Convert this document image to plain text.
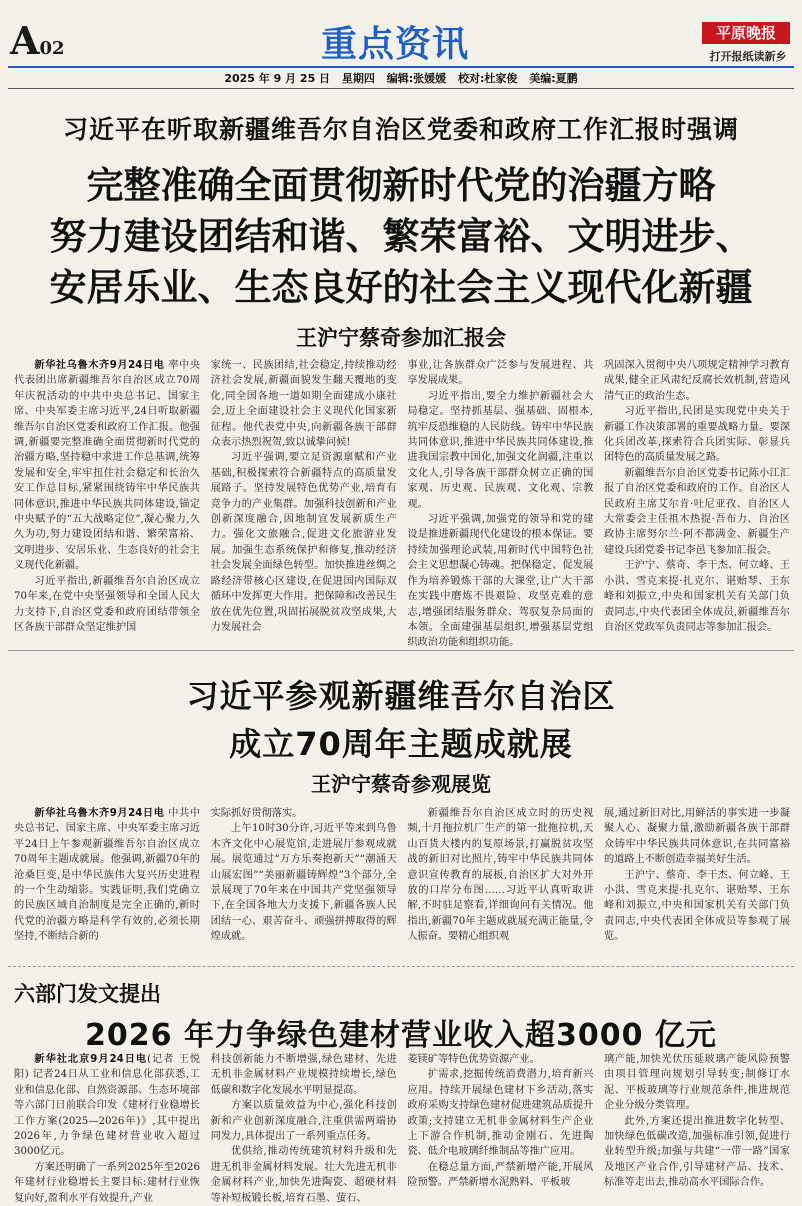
A02	重点资讯	平原晚报
打开报纸读新乡
2025 年 9 月 25 日 星期四 编辑:张媛媛 校对:杜家俊 美编:夏鹏
习近平在听取新疆维吾尔自治区党委和政府工作汇报时强调
完整准确全面贯彻新时代党的治疆方略
努力建设团结和谐、繁荣富裕、文明进步、
安居乐业、生态良好的社会主义现代化新疆
王沪宁蔡奇参加汇报会

新华社乌鲁木齐9月24日电 率中央代表团出席新疆维吾尔自治区成立70周年庆祝活动的中共中央总书记、国家主席、中央军委主席习近平,24日听取新疆维吾尔自治区党委和政府工作汇报。他强调,新疆要完整准确全面贯彻新时代党的治疆方略,坚持稳中求进工作总基调,统筹发展和安全,牢牢扭住社会稳定和长治久安工作总目标,紧紧围绕铸牢中华民族共同体意识,推进中华民族共同体建设,锚定中央赋予的“五大战略定位”,凝心聚力,久久为功,努力建设团结和谐、繁荣富裕、文明进步、安居乐业、生态良好的社会主义现代化新疆。

习近平指出,新疆维吾尔自治区成立70年来,在党中央坚强领导和全国人民大力支持下,自治区党委和政府团结带领全区各族干部群众坚定维护国

家统一、民族团结,社会稳定,持续推动经济社会发展,新疆面貌发生翻天覆地的变化,同全国各地一道如期全面建成小康社会,迈上全面建设社会主义现代化国家新征程。他代表党中央,向新疆各族干部群众表示热烈祝贺,致以诚挚问候!

习近平强调,要立足资源禀赋和产业基础,积极探索符合新疆特点的高质量发展路子。坚持发展特色优势产业,培育有竞争力的产业集群。加强科技创新和产业创新深度融合,因地制宜发展新质生产力。强化文旅融合,促进文化旅游业发展。加强生态系统保护和修复,推动经济社会发展全面绿色转型。加快推进丝绸之路经济带核心区建设,在促进国内国际双循环中发挥更大作用。把保障和改善民生放在优先位置,巩固拓展脱贫攻坚成果,大力发展社会

事业,让各族群众广泛参与发展进程、共享发展成果。

习近平指出,要全力维护新疆社会大局稳定。坚持抓基层、强基础、固根本,筑牢反恐维稳的人民防线。铸牢中华民族共同体意识,推进中华民族共同体建设,推进我国宗教中国化,加强文化润疆,注重以文化人,引导各族干部群众树立正确的国家观、历史观、民族观、文化观、宗教观。

习近平强调,加强党的领导和党的建设是推进新疆现代化建设的根本保证。要持续加强理论武装,用新时代中国特色社会主义思想凝心铸魂。把保稳定、促发展作为培养锻炼干部的大课堂,让广大干部在实践中磨炼不畏艰险、攻坚克难的意志,增强团结服务群众、驾驭复杂局面的本领。全面建强基层组织,增强基层党组织政治功能和组织功能。

巩固深入贯彻中央八项规定精神学习教育成果,健全正风肃纪反腐长效机制,营造风清气正的政治生态。

习近平指出,民团是实现党中央关于新疆工作决策部署的重要战略力量。要深化兵团改革,探索符合兵团实际、彰显兵团特色的高质量发展之路。

新疆维吾尔自治区党委书记陈小江汇报了自治区党委和政府的工作。自治区人民政府主席艾尔肯·吐尼亚孜、自治区人大常委会主任祖木热提·吾布力、自治区政协主席努尔兰·阿不都满金、新疆生产建设兵团党委书记李邑飞参加汇报会。

王沪宁、蔡奇、李干杰、何立峰、王小洪、雪克来提·扎克尔、谌贻琴、王东峰和刘振立,中央和国家机关有关部门负责同志,中央代表团全体成员,新疆维吾尔自治区党政军负责同志等参加汇报会。

习近平参观新疆维吾尔自治区
成立70周年主题成就展
王沪宁蔡奇参观展览

新华社乌鲁木齐9月24日电 中共中央总书记、国家主席、中央军委主席习近平24日上午参观新疆维吾尔自治区成立70周年主题成就展。他强调,新疆70年的沧桑巨变,是中华民族伟大复兴历史进程的一个生动缩影。实践证明,我们党确立的民族区域自治制度是完全正确的,新时代党的治疆方略是科学有效的,必须长期坚持,不断结合新的

实际抓好贯彻落实。

上午10时30分许,习近平等来到乌鲁木齐文化中心展览馆,走进展厅参观成就展。展览通过“万方乐奏抱新天”“潮涌天山展宏图”“美丽新疆铸辉煌”3个部分,全景展现了70年来在中国共产党坚强领导下,在全国各地大力支援下,新疆各族人民团结一心、艰苦奋斗、顽强拼搏取得的辉煌成就。

新疆维吾尔自治区成立时的历史视频,十月拖拉机厂生产的第一批拖拉机,天山百货大楼内的复原场景,打赢脱贫攻坚战的新旧对比照片,铸牢中华民族共同体意识宣传教育的展板,自治区扩大对外开放的口岸分布图……习近平认真听取讲解,不时驻足察看,详细询问有关情况。他指出,新疆70年主题成就展充满正能量,令人振奋。要精心组织观

展,通过新旧对比,用鲜活的事实进一步凝聚人心、凝聚力量,激励新疆各族干部群众铸牢中华民族共同体意识,在共同富裕的道路上不断创造幸福美好生活。

王沪宁、蔡奇、李干杰、何立峰、王小洪、雪克来提·扎克尔、谌贻琴、王东峰和刘振立,中央和国家机关有关部门负责同志,中央代表团全体成员等参观了展览。

六部门发文提出
2026 年力争绿色建材营业收入超3000 亿元

新华社北京9月24日电(记者 王悦阳) 记者24日从工业和信息化部获悉,工业和信息化部、自然资源部、生态环境部等六部门日前联合印发《建材行业稳增长工作方案(2025—2026年)》,其中提出2026年,力争绿色建材营业收入超过3000亿元。

方案还明确了一系列2025年至2026年建材行业稳增长主要目标:建材行业恢复向好,盈利水平有效提升,产业

科技创新能力不断增强,绿色建材、先进无机非金属材料产业规模持续增长,绿色低碳和数字化发展水平明显提高。

方案以质量效益为中心,强化科技创新和产业创新深度融合,注重供需两端协同发力,具体提出了一系列重点任务。

优供给,推动传统建筑材料升级和先进无机非金属材料发展。壮大先进无机非金属材料产业,加快先进陶瓷、超硬材料等补短板锻长板,培育石墨、萤石、

菱镁矿等特色优势资源产业。

扩需求,挖掘传统消费潜力,培育新兴应用。持续开展绿色建材下乡活动,落实政府采购支持绿色建材促进建筑品质提升政策;支持建立无机非金属材料生产企业上下游合作机制,推动金刚石、先进陶瓷、低介电玻璃纤维制品等推广应用。

在稳总量方面,严禁新增产能,开展风险预警。严禁新增水泥熟料、平板玻

璃产能,加快光伏压延玻璃产能风险预警由项目管理向规划引导转变;制修订水泥、平板玻璃等行业规范条件,推进规范企业分级分类管理。

此外,方案还提出推进数字化转型、加快绿色低碳改造,加强标准引领,促进行业转型升级;加强与共建“一带一路”国家及地区产业合作,引导建材产品、技术、标准等走出去,推动高水平国际合作。
